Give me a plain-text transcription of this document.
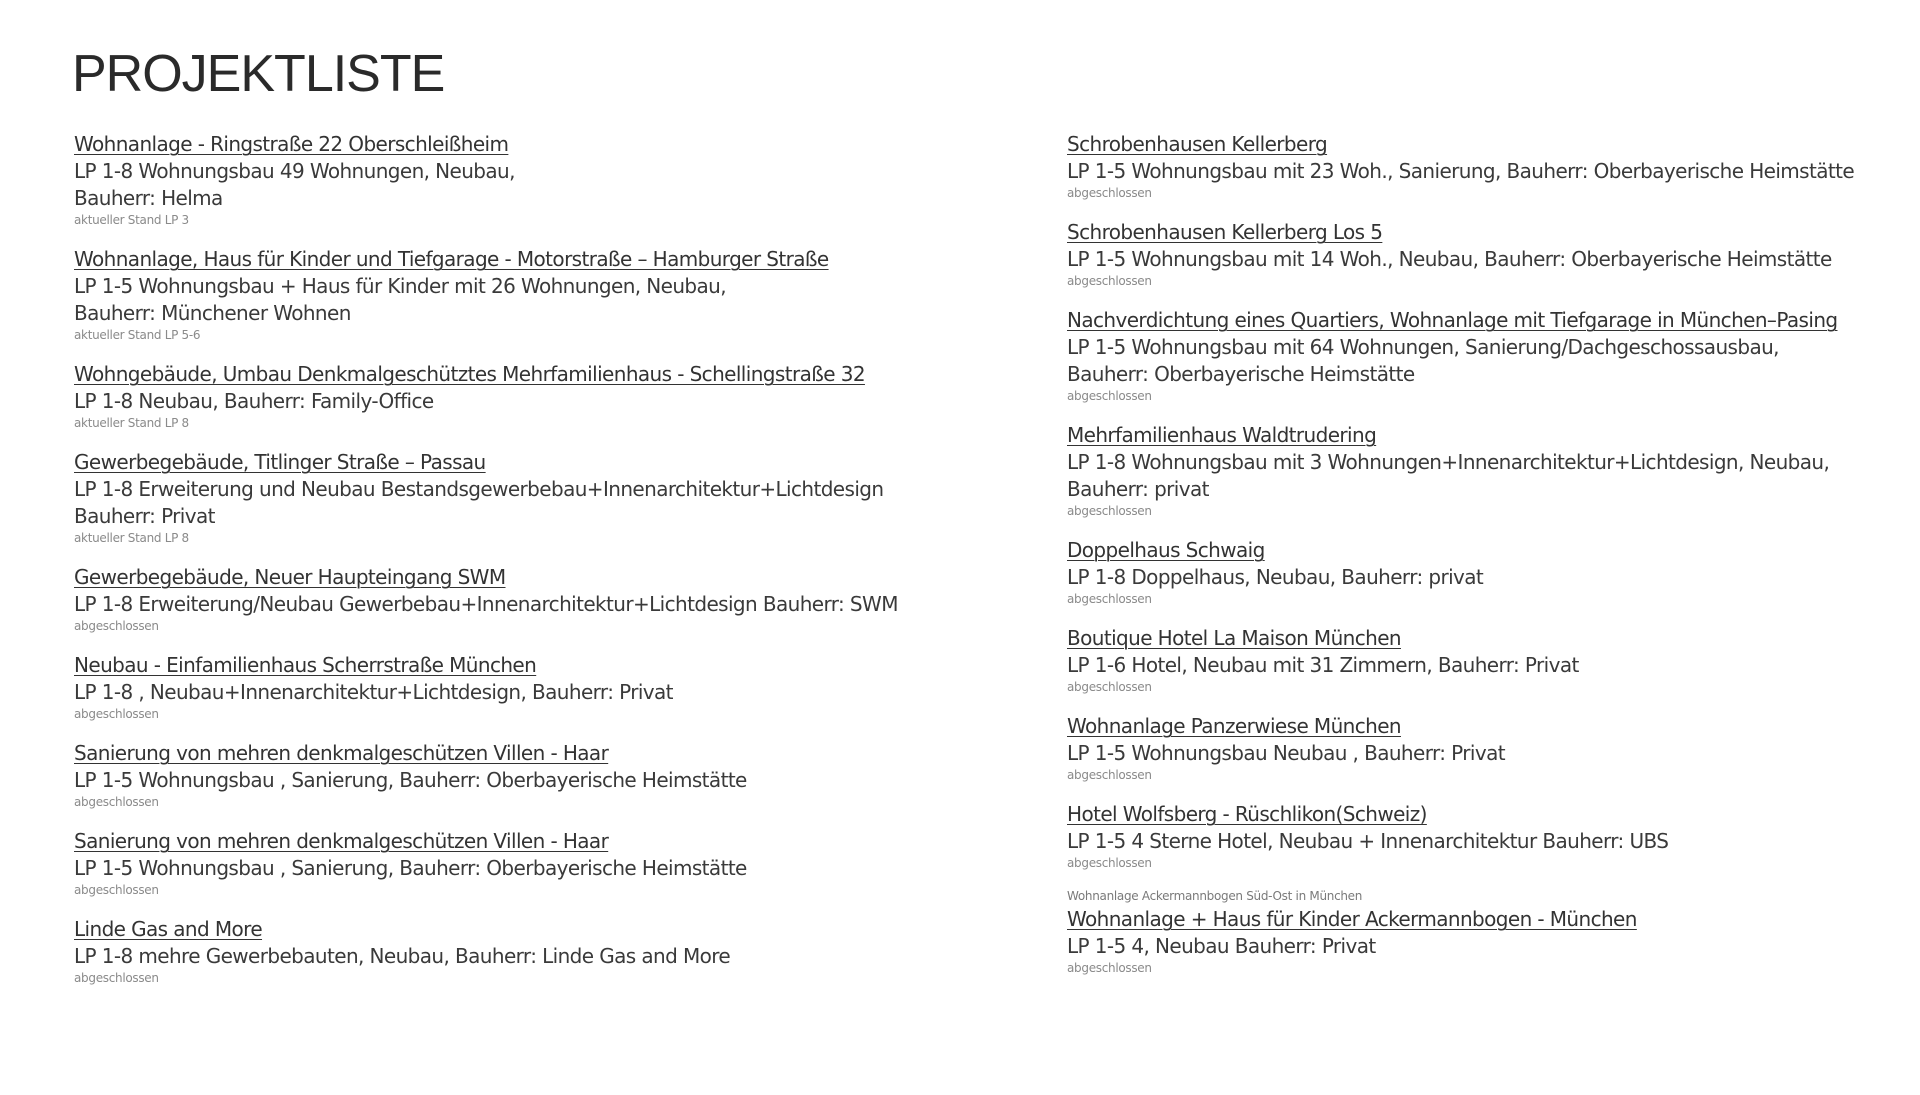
PROJEKTLISTE
Wohnanlage - Ringstraße 22 Oberschleißheim
LP 1-8 Wohnungsbau 49 Wohnungen, Neubau,
Bauherr: Helma
aktueller Stand LP 3
Wohnanlage, Haus für Kinder und Tiefgarage - Motorstraße – Hamburger Straße
LP 1-5 Wohnungsbau + Haus für Kinder mit 26 Wohnungen, Neubau,
Bauherr: Münchener Wohnen
aktueller Stand LP 5-6
Wohngebäude, Umbau Denkmalgeschütztes Mehrfamilienhaus - Schellingstraße 32
LP 1-8 Neubau, Bauherr: Family-Office
aktueller Stand LP 8
Gewerbegebäude, Titlinger Straße – Passau
LP 1-8 Erweiterung und Neubau Bestandsgewerbebau+Innenarchitektur+Lichtdesign
Bauherr: Privat
aktueller Stand LP 8
Gewerbegebäude, Neuer Haupteingang SWM
LP 1-8 Erweiterung/Neubau Gewerbebau+Innenarchitektur+Lichtdesign Bauherr: SWM
abgeschlossen
Neubau - Einfamilienhaus Scherrstraße München
LP 1-8 , Neubau+Innenarchitektur+Lichtdesign, Bauherr: Privat
abgeschlossen
Sanierung von mehren denkmalgeschützen Villen - Haar
LP 1-5 Wohnungsbau , Sanierung, Bauherr: Oberbayerische Heimstätte
abgeschlossen
Sanierung von mehren denkmalgeschützen Villen - Haar
LP 1-5 Wohnungsbau , Sanierung, Bauherr: Oberbayerische Heimstätte
abgeschlossen
Linde Gas and More
LP 1-8 mehre Gewerbebauten, Neubau, Bauherr: Linde Gas and More
abgeschlossen
Schrobenhausen Kellerberg
LP 1-5 Wohnungsbau mit 23 Woh., Sanierung, Bauherr: Oberbayerische Heimstätte
abgeschlossen
Schrobenhausen Kellerberg Los 5
LP 1-5 Wohnungsbau mit 14 Woh., Neubau, Bauherr: Oberbayerische Heimstätte
abgeschlossen
Nachverdichtung eines Quartiers, Wohnanlage mit Tiefgarage in München–Pasing
LP 1-5 Wohnungsbau mit 64 Wohnungen, Sanierung/Dachgeschossausbau,
Bauherr: Oberbayerische Heimstätte
abgeschlossen
Mehrfamilienhaus Waldtrudering
LP 1-8 Wohnungsbau mit 3 Wohnungen+Innenarchitektur+Lichtdesign, Neubau,
Bauherr: privat
abgeschlossen
Doppelhaus Schwaig
LP 1-8 Doppelhaus, Neubau, Bauherr: privat
abgeschlossen
Boutique Hotel La Maison München
LP 1-6 Hotel, Neubau mit 31 Zimmern, Bauherr: Privat
abgeschlossen
Wohnanlage Panzerwiese München
LP 1-5 Wohnungsbau Neubau , Bauherr: Privat
abgeschlossen
Hotel Wolfsberg - Rüschlikon(Schweiz)
LP 1-5 4 Sterne Hotel, Neubau + Innenarchitektur Bauherr: UBS
abgeschlossen
Wohnanlage Ackermannbogen Süd-Ost in München
Wohnanlage + Haus für Kinder Ackermannbogen - München
LP 1-5 4, Neubau Bauherr: Privat
abgeschlossen
